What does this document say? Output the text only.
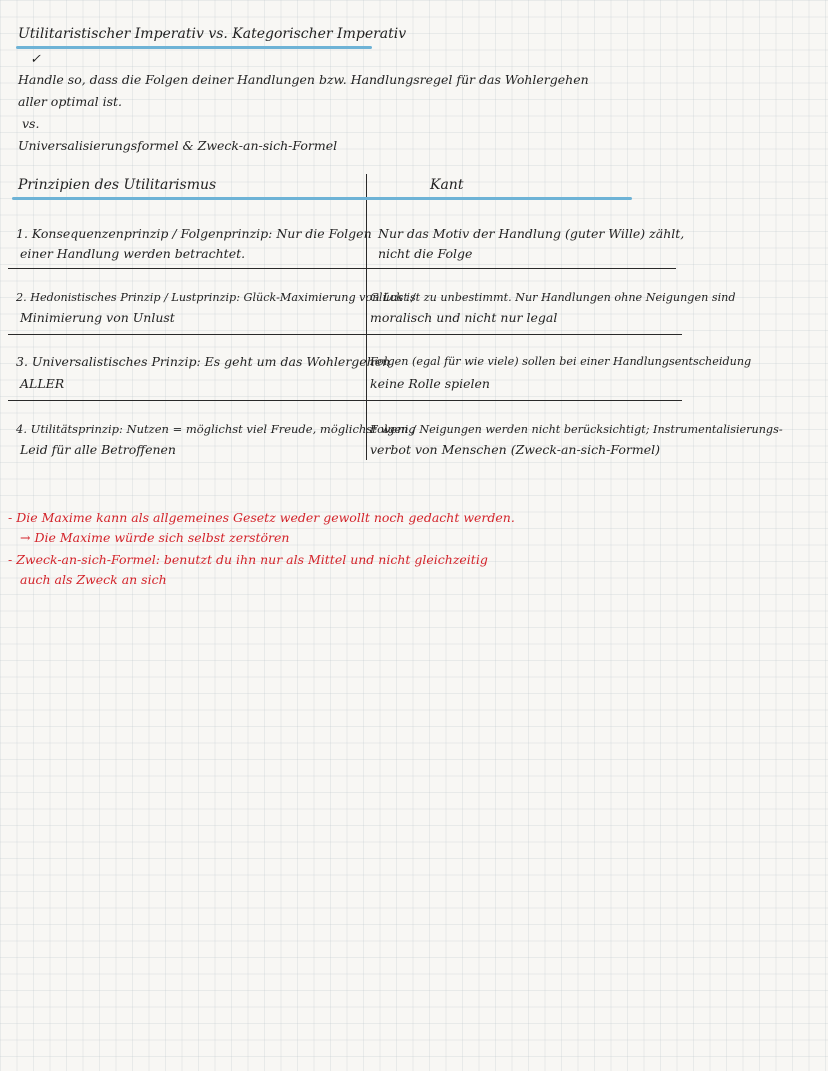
Utilitaristischer Imperativ vs. Kategorischer Imperativ
✓
Handle so, dass die Folgen deiner Handlungen bzw. Handlungsregel für das Wohlergehen
aller optimal ist.
vs.
Universalisierungsformel & Zweck-an-sich-Formel
Prinzipien des Utilitarismus	Kant
1. Konsequenzenprinzip / Folgenprinzip: Nur die Folgen
einer Handlung werden betrachtet.
Nur das Motiv der Handlung (guter Wille) zählt,
nicht die Folge
2. Hedonistisches Prinzip / Lustprinzip: Glück-Maximierung von Lust /
Minimierung von Unlust
Glück ist zu unbestimmt. Nur Handlungen ohne Neigungen sind
moralisch und nicht nur legal
3. Universalistisches Prinzip: Es geht um das Wohlergehen
ALLER
Folgen (egal für wie viele) sollen bei einer Handlungsentscheidung
keine Rolle spielen
4. Utilitätsprinzip: Nutzen = möglichst viel Freude, möglichst wenig
Leid für alle Betroffenen
Folgen / Neigungen werden nicht berücksichtigt; Instrumentalisierungs-
verbot von Menschen (Zweck-an-sich-Formel)
- Die Maxime kann als allgemeines Gesetz weder gewollt noch gedacht werden.
→ Die Maxime würde sich selbst zerstören
- Zweck-an-sich-Formel: benutzt du ihn nur als Mittel und nicht gleichzeitig
auch als Zweck an sich
